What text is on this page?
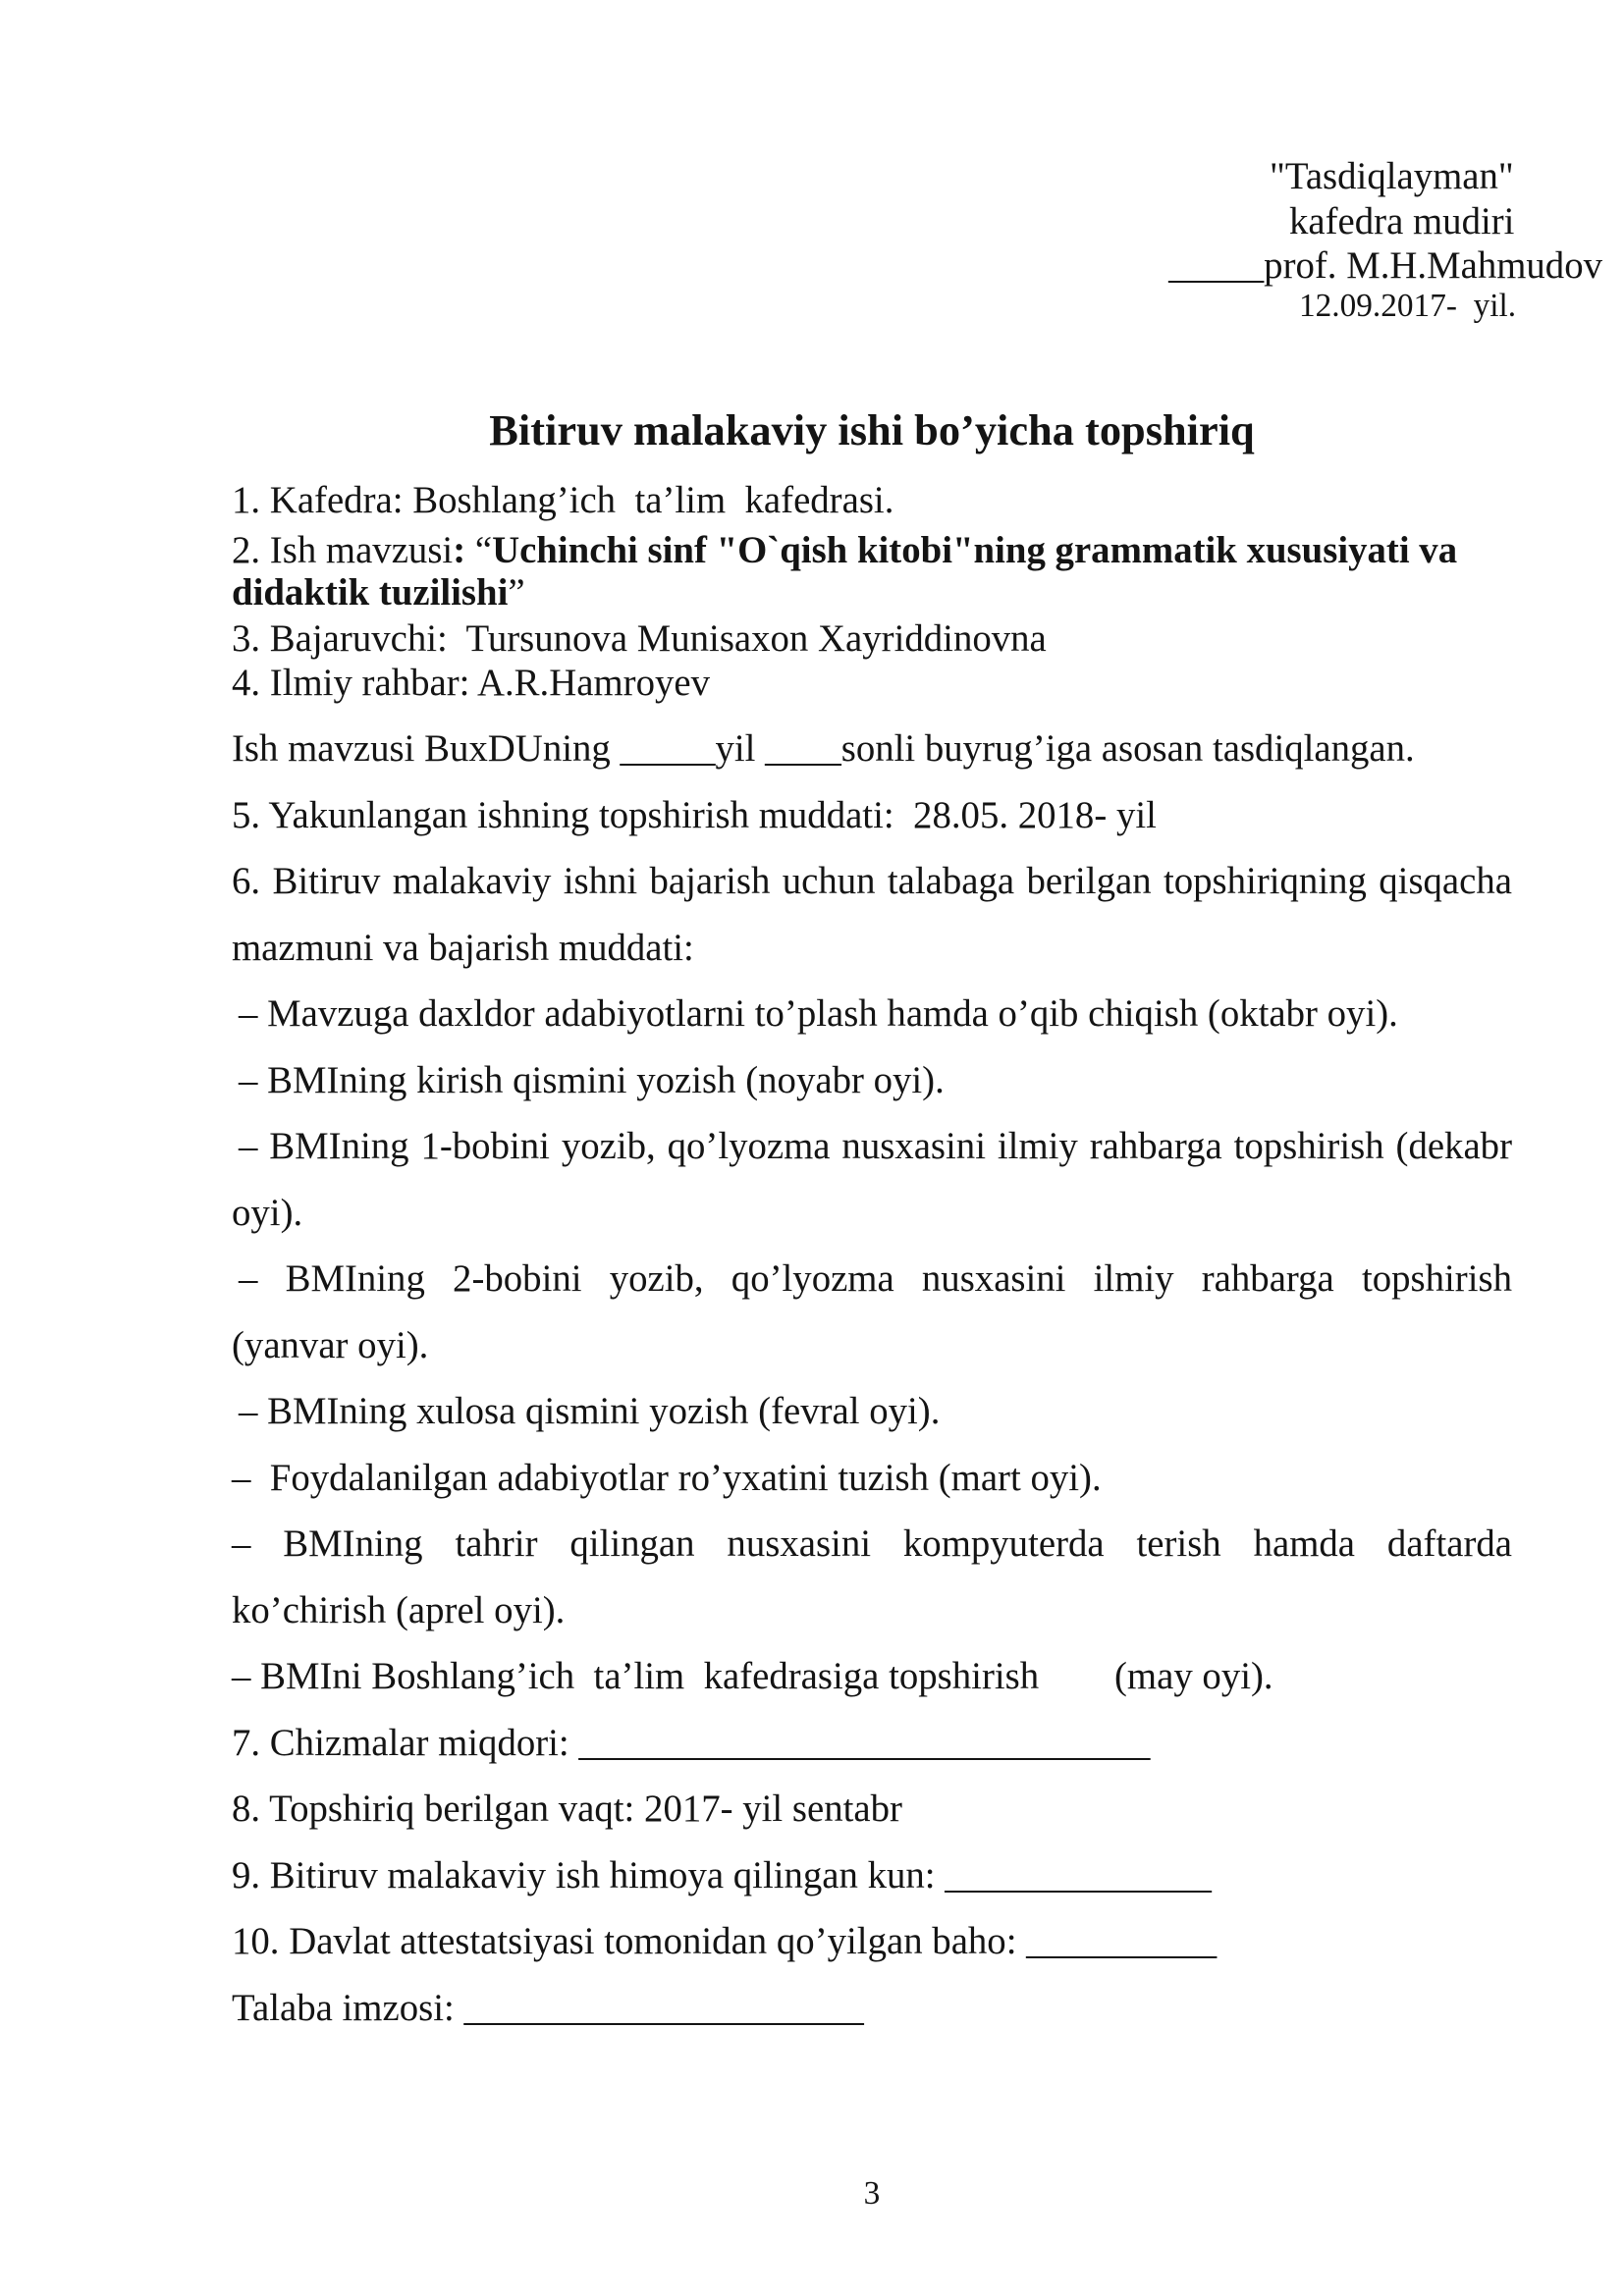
"Tasdiqlayman"
kafedra mudiri
_____prof. M.H.Mahmudov
12.09.2017-  yil.
Bitiruv malakaviy ishi bo’yicha topshiriq
1. Kafedra: Boshlang’ich  ta’lim  kafedrasi.
2. Ish mavzusi: “Uchinchi sinf "O`qish kitobi"ning grammatik xususiyati va
didaktik tuzilishi”
3. Bajaruvchi:  Tursunova Munisaxon Xayriddinovna
4. Ilmiy rahbar: A.R.Hamroyev
Ish mavzusi BuxDUning _____yil ____sonli buyrug’iga asosan tasdiqlangan.
5. Yakunlangan ishning topshirish muddati:  28.05. 2018- yil
6. Bitiruv malakaviy ishni bajarish uchun talabaga berilgan topshiriqning qisqacha
mazmuni va bajarish muddati:
– Mavzuga daxldor adabiyotlarni to’plash hamda o’qib chiqish (oktabr oyi).
– BMIning kirish qismini yozish (noyabr oyi).
– BMIning 1-bobini yozib, qo’lyozma nusxasini ilmiy rahbarga topshirish (dekabr
oyi).
– BMIning 2-bobini yozib, qo’lyozma nusxasini ilmiy rahbarga topshirish
(yanvar oyi).
– BMIning xulosa qismini yozish (fevral oyi).
–  Foydalanilgan adabiyotlar ro’yxatini tuzish (mart oyi).
– BMIning tahrir qilingan nusxasini kompyuterda terish hamda daftarda
ko’chirish (aprel oyi).
– BMIni Boshlang’ich  ta’lim  kafedrasiga topshirish (may oyi).
7. Chizmalar miqdori: ______________________________
8. Topshiriq berilgan vaqt: 2017- yil sentabr
9. Bitiruv malakaviy ish himoya qilingan kun: ______________
10. Davlat attestatsiyasi tomonidan qo’yilgan baho: __________
Talaba imzosi: _____________________
3
